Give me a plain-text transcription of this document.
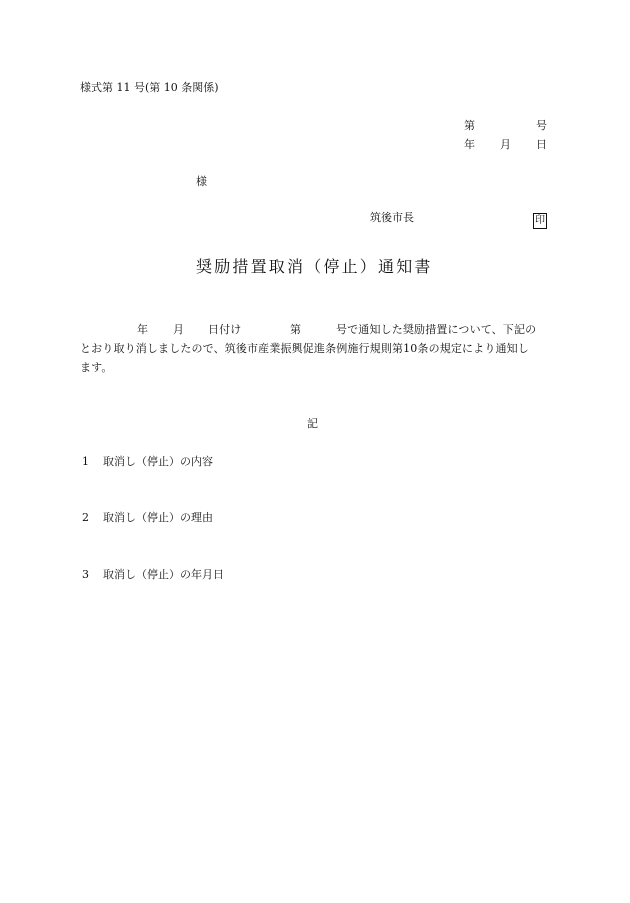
様式第 11 号(第 10 条関係)
第	号
年 月 日
様
筑後市長	印
奨励措置取消（停止）通知書
年 月 日付け	第	号で通知した奨励措置について、下記の
とおり取り消しましたので、筑後市産業振興促進条例施行規則第10条の規定により通知し
ます。
記
1 取消し（停止）の内容
2 取消し（停止）の理由
3 取消し（停止）の年月日
